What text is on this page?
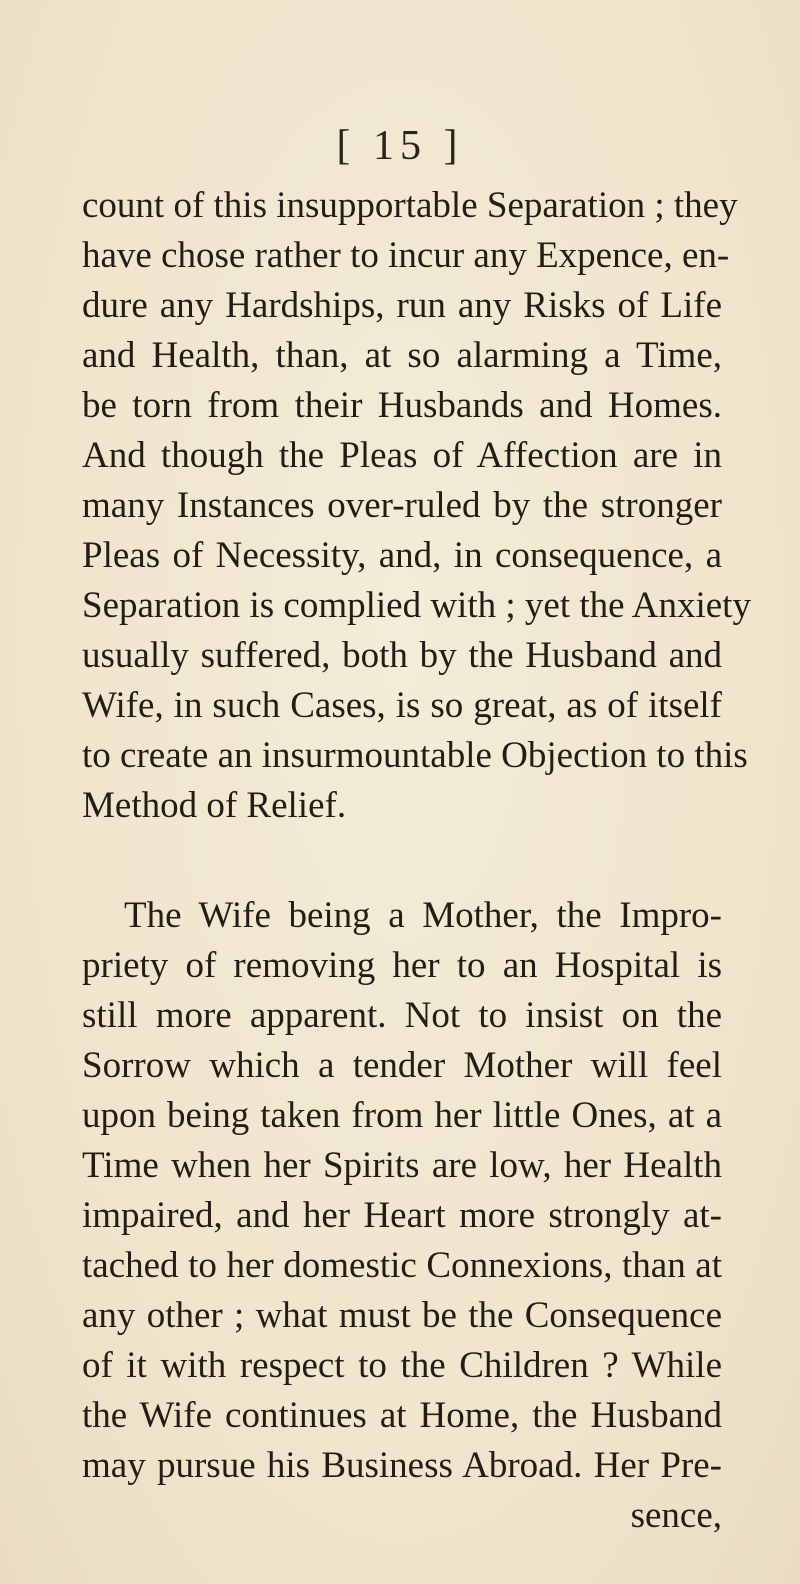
[ 15 ]
count of this insupportable Separation ; they
have chose rather to incur any Expence, en-
dure any Hardships, run any Risks of Life
and Health, than, at so alarming a Time,
be torn from their Husbands and Homes.
And though the Pleas of Affection are in
many Instances over-ruled by the stronger
Pleas of Necessity, and, in consequence, a
Separation is complied with ; yet the Anxiety
usually suffered, both by the Husband and
Wife, in such Cases, is so great, as of itself
to create an insurmountable Objection to this
Method of Relief.
The Wife being a Mother, the Impro-
priety of removing her to an Hospital is
still more apparent. Not to insist on the
Sorrow which a tender Mother will feel
upon being taken from her little Ones, at a
Time when her Spirits are low, her Health
impaired, and her Heart more strongly at-
tached to her domestic Connexions, than at
any other ; what must be the Consequence
of it with respect to the Children ? While
the Wife continues at Home, the Husband
may pursue his Business Abroad. Her Pre-
sence,
